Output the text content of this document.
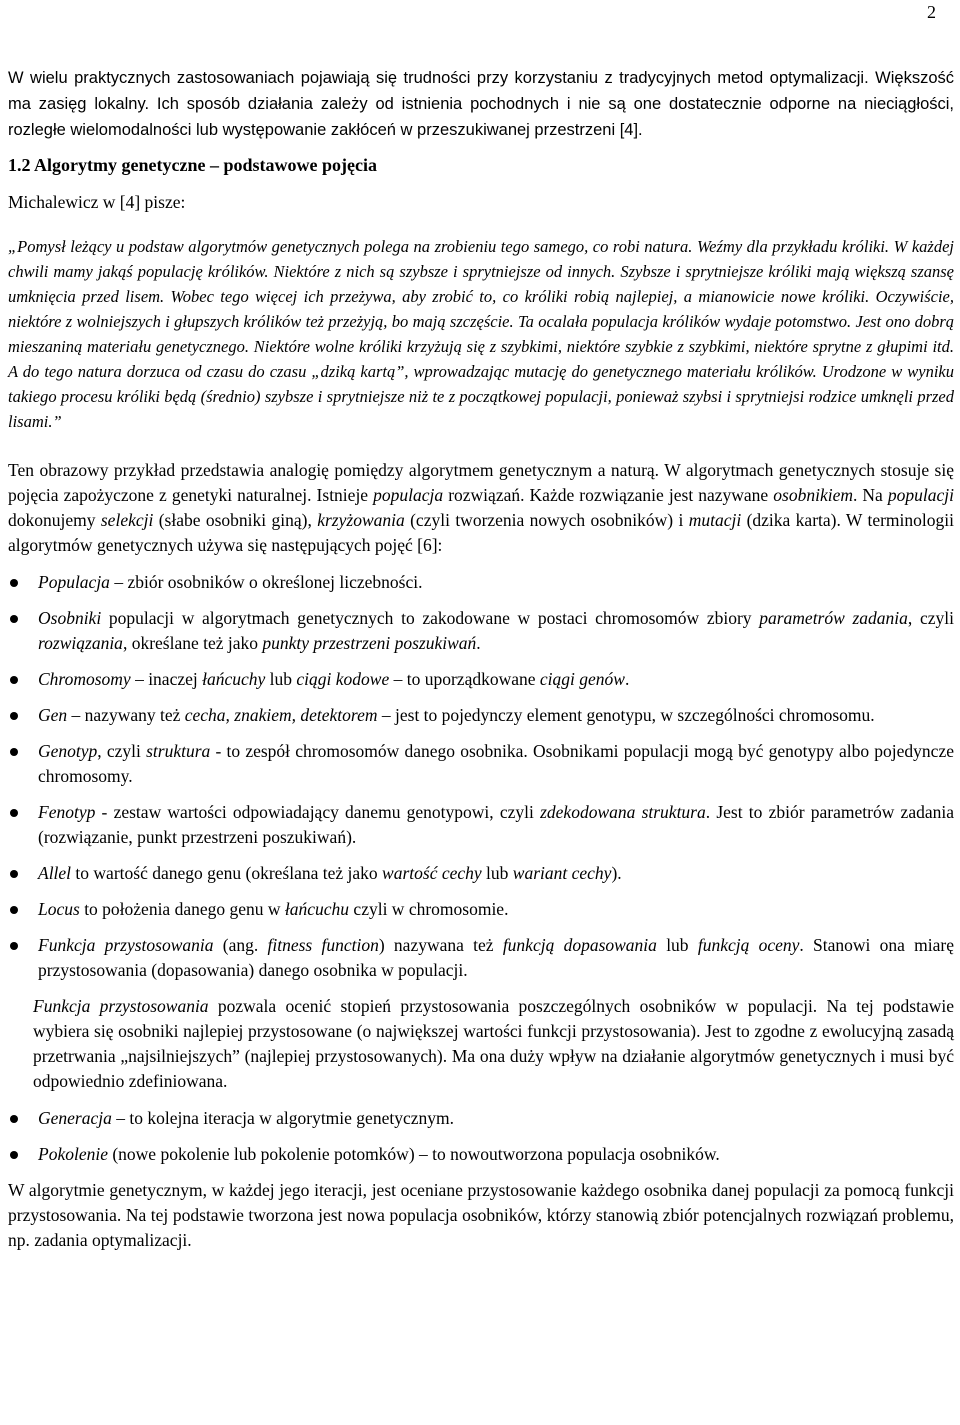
2

W wielu praktycznych zastosowaniach pojawiają się trudności przy korzystaniu z tradycyjnych metod optymalizacji. Większość ma zasięg lokalny. Ich sposób działania zależy od istnienia pochodnych i nie są one dostatecznie odporne na nieciągłości, rozległe wielomodalności lub występowanie zakłóceń w przeszukiwanej przestrzeni [4].

1.2 Algorytmy genetyczne – podstawowe pojęcia

Michalewicz w [4] pisze:

„Pomysł leżący u podstaw algorytmów genetycznych polega na zrobieniu tego samego, co robi natura. Weźmy dla przykładu króliki. W każdej chwili mamy jakąś populację królików. Niektóre z nich są szybsze i sprytniejsze od innych. Szybsze i sprytniejsze króliki mają większą szansę umknięcia przed lisem. Wobec tego więcej ich przeżywa, aby zrobić to, co króliki robią najlepiej, a mianowicie nowe króliki. Oczywiście, niektóre z wolniejszych i głupszych królików też przeżyją, bo mają szczęście. Ta ocalała populacja królików wydaje potomstwo. Jest ono dobrą mieszaniną materiału genetycznego. Niektóre wolne króliki krzyżują się z szybkimi, niektóre szybkie z szybkimi, niektóre sprytne z głupimi itd. A do tego natura dorzuca od czasu do czasu „dziką kartą”, wprowadzając mutację do genetycznego materiału królików. Urodzone w wyniku takiego procesu króliki będą (średnio) szybsze i sprytniejsze niż te z początkowej populacji, ponieważ szybsi i sprytniejsi rodzice umknęli przed lisami.”

Ten obrazowy przykład przedstawia analogię pomiędzy algorytmem genetycznym a naturą. W algorytmach genetycznych stosuje się pojęcia zapożyczone z genetyki naturalnej. Istnieje populacja rozwiązań. Każde rozwiązanie jest nazywane osobnikiem. Na populacji dokonujemy selekcji (słabe osobniki giną), krzyżowania (czyli tworzenia nowych osobników) i mutacji (dzika karta). W terminologii algorytmów genetycznych używa się następujących pojęć [6]:

Populacja – zbiór osobników o określonej liczebności.
Osobniki populacji w algorytmach genetycznych to zakodowane w postaci chromosomów zbiory parametrów zadania, czyli rozwiązania, określane też jako punkty przestrzeni poszukiwań.
Chromosomy – inaczej łańcuchy lub ciągi kodowe – to uporządkowane ciągi genów.
Gen – nazywany też cecha, znakiem, detektorem – jest to pojedynczy element genotypu, w szczególności chromosomu.
Genotyp, czyli struktura - to zespół chromosomów danego osobnika. Osobnikami populacji mogą być genotypy albo pojedyncze chromosomy.
Fenotyp - zestaw wartości odpowiadający danemu genotypowi, czyli zdekodowana struktura. Jest to zbiór parametrów zadania (rozwiązanie, punkt przestrzeni poszukiwań).
Allel to wartość danego genu (określana też jako wartość cechy lub wariant cechy).
Locus to położenia danego genu w łańcuchu czyli w chromosomie.
Funkcja przystosowania (ang. fitness function) nazywana też funkcją dopasowania lub funkcją oceny. Stanowi ona miarę przystosowania (dopasowania) danego osobnika w populacji.

Funkcja przystosowania pozwala ocenić stopień przystosowania poszczególnych osobników w populacji. Na tej podstawie wybiera się osobniki najlepiej przystosowane (o największej wartości funkcji przystosowania). Jest to zgodne z ewolucyjną zasadą przetrwania „najsilniejszych” (najlepiej przystosowanych). Ma ona duży wpływ na działanie algorytmów genetycznych i musi być odpowiednio zdefiniowana.

Generacja – to kolejna iteracja w algorytmie genetycznym.
Pokolenie (nowe pokolenie lub pokolenie potomków) – to nowoutworzona populacja osobników.

W algorytmie genetycznym, w każdej jego iteracji, jest oceniane przystosowanie każdego osobnika danej populacji za pomocą funkcji przystosowania. Na tej podstawie tworzona jest nowa populacja osobników, którzy stanowią zbiór potencjalnych rozwiązań problemu, np. zadania optymalizacji.
